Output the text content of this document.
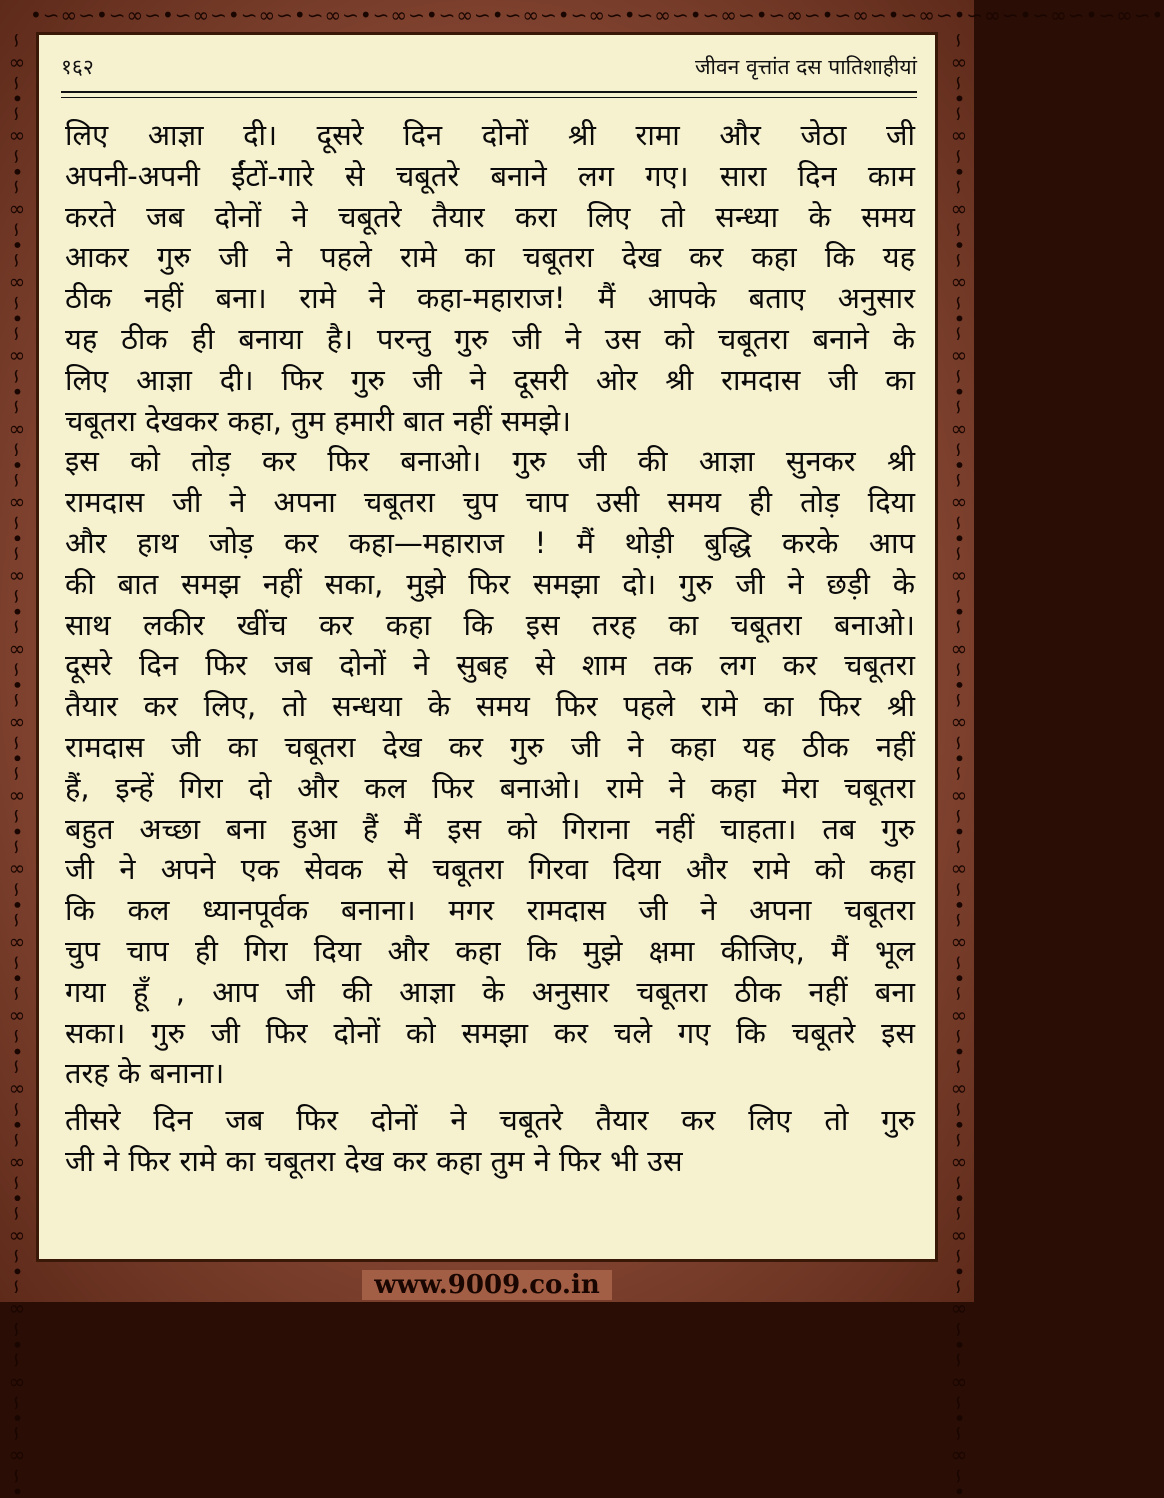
•∽∞∽•∽∞∽•∽∞∽•∽∞∽•∽∞∽•∽∞∽•∽∞∽•∽∞∽•∽∞∽•∽∞∽•∽∞∽•∽∞∽•∽∞∽•∽∞∽•∽∞∽•∽∞∽•∽∞∽•
∽∞∽•∽∞∽•∽∞∽•∽∞∽•∽∞∽•∽∞∽•∽∞∽•∽∞∽•∽∞∽•∽∞∽•∽∞∽•∽∞∽•∽∞∽•∽∞∽•∽∞∽•∽∞∽•∽∞∽•∽∞∽•∽∞∽•∽∞∽•	∽∞∽•∽∞∽•∽∞∽•∽∞∽•∽∞∽•∽∞∽•∽∞∽•∽∞∽•∽∞∽•∽∞∽•∽∞∽•∽∞∽•∽∞∽•∽∞∽•∽∞∽•∽∞∽•∽∞∽•∽∞∽•∽∞∽•∽∞∽•
१६२	जीवन वृत्तांत दस पातिशाहीयां
लिए आज्ञा दी। दूसरे दिन दोनों श्री रामा और जेठा जी
अपनी-अपनी ईंटों-गारे से चबूतरे बनाने लग गए। सारा दिन काम
करते जब दोनों ने चबूतरे तैयार करा लिए तो सन्ध्या के समय
आकर गुरु जी ने पहले रामे का चबूतरा देख कर कहा कि यह
ठीक नहीं बना। रामे ने कहा-महाराज! मैं आपके बताए अनुसार
यह ठीक ही बनाया है। परन्तु गुरु जी ने उस को चबूतरा बनाने के
लिए आज्ञा दी। फिर गुरु जी ने दूसरी ओर श्री रामदास जी का
चबूतरा देखकर कहा, तुम हमारी बात नहीं समझे।
इस को तोड़ कर फिर बनाओ। गुरु जी की आज्ञा सुनकर श्री
रामदास जी ने अपना चबूतरा चुप चाप उसी समय ही तोड़ दिया
और हाथ जोड़ कर कहा—महाराज ! मैं थोड़ी बुद्धि करके आप
की बात समझ नहीं सका, मुझे फिर समझा दो। गुरु जी ने छड़ी के
साथ लकीर खींच कर कहा कि इस तरह का चबूतरा बनाओ।
दूसरे दिन फिर जब दोनों ने सुबह से शाम तक लग कर चबूतरा
तैयार कर लिए, तो सन्धया के समय फिर पहले रामे का फिर श्री
रामदास जी का चबूतरा देख कर गुरु जी ने कहा यह ठीक नहीं
हैं, इन्हें गिरा दो और कल फिर बनाओ। रामे ने कहा मेरा चबूतरा
बहुत अच्छा बना हुआ हैं मैं इस को गिराना नहीं चाहता। तब गुरु
जी ने अपने एक सेवक से चबूतरा गिरवा दिया और रामे को कहा
कि कल ध्यानपूर्वक बनाना। मगर रामदास जी ने अपना चबूतरा
चुप चाप ही गिरा दिया और कहा कि मुझे क्षमा कीजिए, मैं भूल
गया हूँ , आप जी की आज्ञा के अनुसार चबूतरा ठीक नहीं बना
सका। गुरु जी फिर दोनों को समझा कर चले गए कि चबूतरे इस
तरह के बनाना।
तीसरे दिन जब फिर दोनों ने चबूतरे तैयार कर लिए तो गुरु
जी ने फिर रामे का चबूतरा देख कर कहा तुम ने फिर भी उस
www.9009.co.in
